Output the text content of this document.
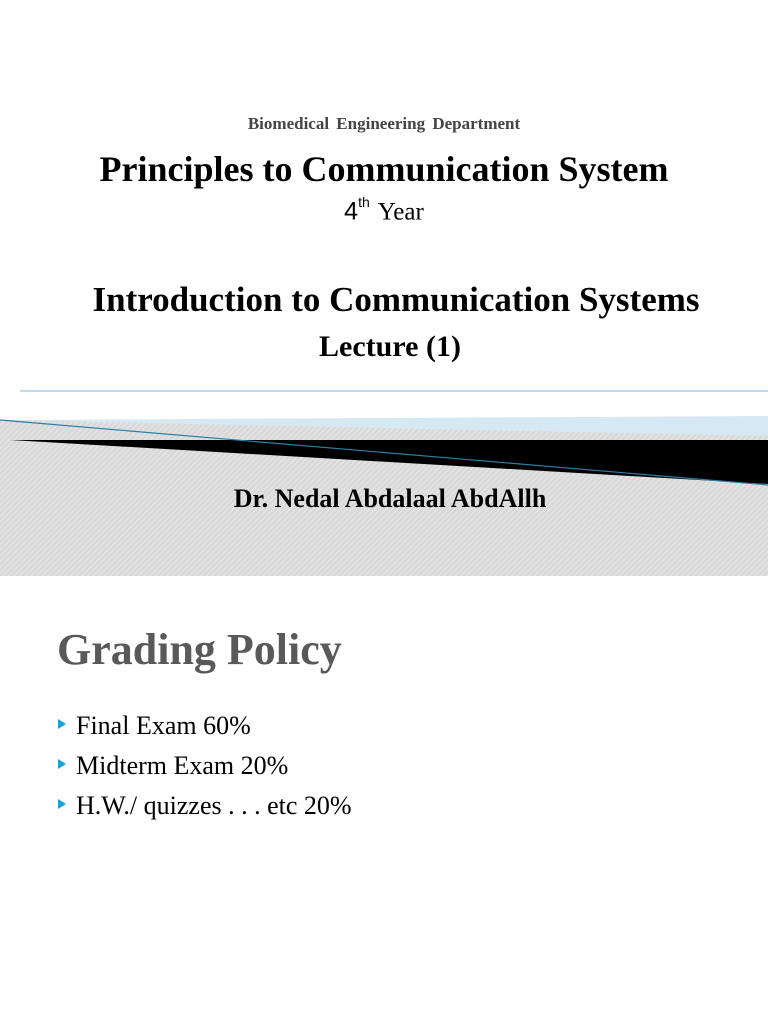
Biomedical Engineering Department
Principles to Communication System
4th Year
Introduction to Communication Systems
Lecture (1)
Dr. Nedal Abdalaal AbdAllh
Grading Policy
Final Exam 60%
Midterm Exam 20%
H.W./ quizzes . . . etc 20%
